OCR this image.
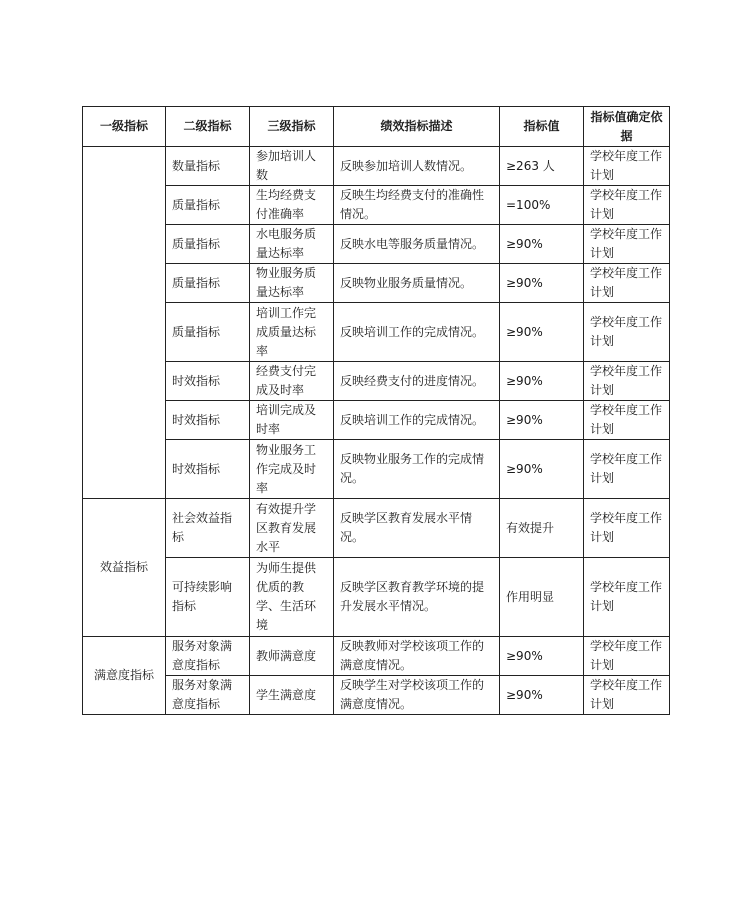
一级指标	二级指标	三级指标	绩效指标描述	指标值	指标值确定依据
	数量指标	参加培训人数	反映参加培训人数情况。	≥263 人	学校年度工作计划
	质量指标	生均经费支付准确率	反映生均经费支付的准确性情况。	=100%	学校年度工作计划
	质量指标	水电服务质量达标率	反映水电等服务质量情况。	≥90%	学校年度工作计划
	质量指标	物业服务质量达标率	反映物业服务质量情况。	≥90%	学校年度工作计划
	质量指标	培训工作完成质量达标率	反映培训工作的完成情况。	≥90%	学校年度工作计划
	时效指标	经费支付完成及时率	反映经费支付的进度情况。	≥90%	学校年度工作计划
	时效指标	培训完成及时率	反映培训工作的完成情况。	≥90%	学校年度工作计划
	时效指标	物业服务工作完成及时率	反映物业服务工作的完成情况。	≥90%	学校年度工作计划
效益指标	社会效益指标	有效提升学区教育发展水平	反映学区教育发展水平情况。	有效提升	学校年度工作计划
	可持续影响指标	为师生提供优质的教学、生活环境	反映学区教育教学环境的提升发展水平情况。	作用明显	学校年度工作计划
满意度指标	服务对象满意度指标	教师满意度	反映教师对学校该项工作的满意度情况。	≥90%	学校年度工作计划
	服务对象满意度指标	学生满意度	反映学生对学校该项工作的满意度情况。	≥90%	学校年度工作计划
